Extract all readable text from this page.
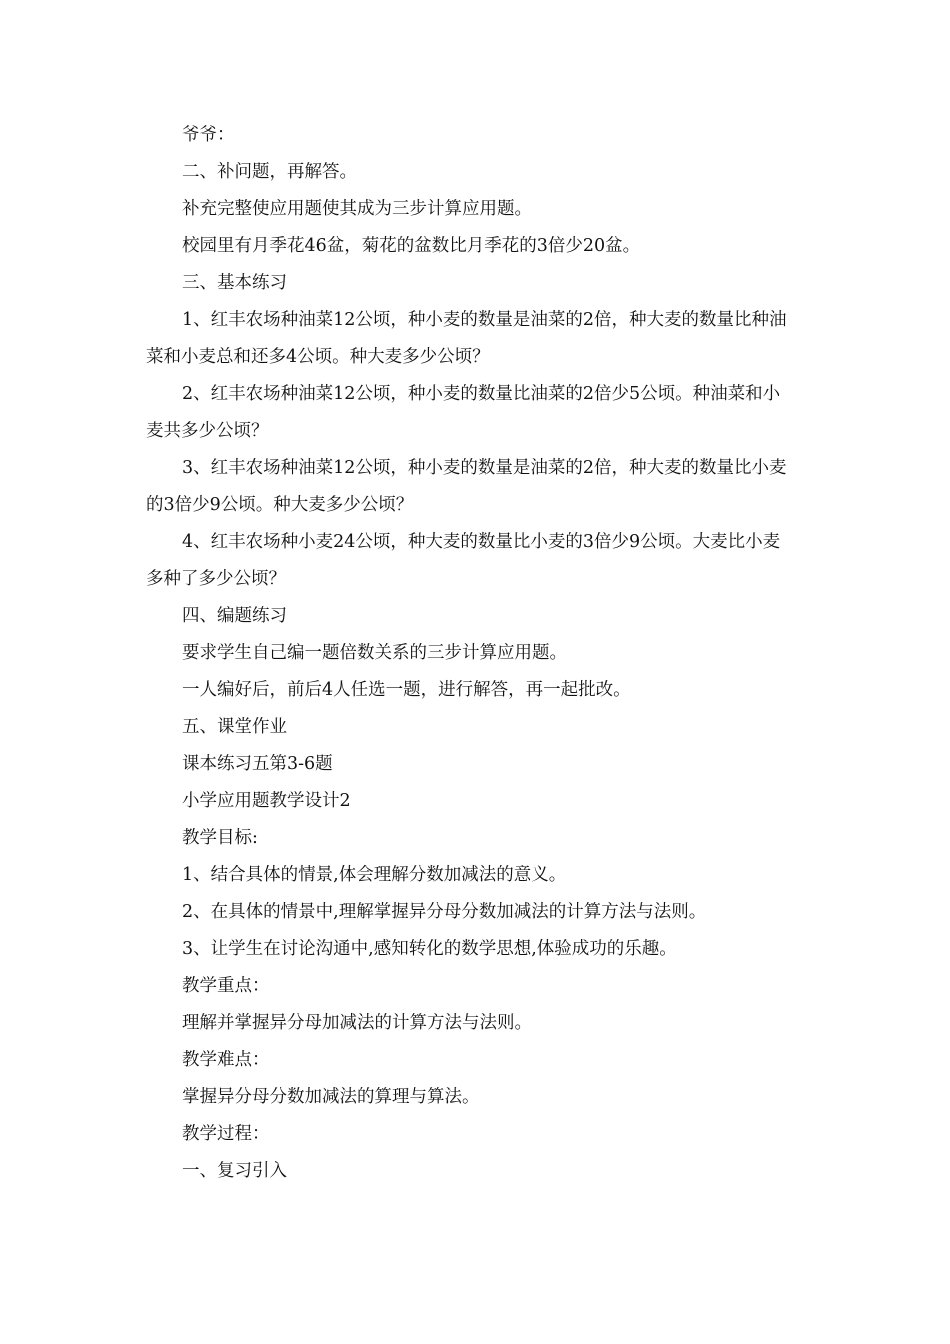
爷爷：

二、补问题，再解答。

补充完整使应用题使其成为三步计算应用题。

校园里有月季花46盆，菊花的盆数比月季花的3倍少20盆。

三、基本练习

1、红丰农场种油菜12公顷，种小麦的数量是油菜的2倍，种大麦的数量比种油菜和小麦总和还多4公顷。种大麦多少公顷？

2、红丰农场种油菜12公顷，种小麦的数量比油菜的2倍少5公顷。种油菜和小麦共多少公顷？

3、红丰农场种油菜12公顷，种小麦的数量是油菜的2倍，种大麦的数量比小麦的3倍少9公顷。种大麦多少公顷？

4、红丰农场种小麦24公顷，种大麦的数量比小麦的3倍少9公顷。大麦比小麦多种了多少公顷？

四、编题练习

要求学生自己编一题倍数关系的三步计算应用题。

一人编好后，前后4人任选一题，进行解答，再一起批改。

五、课堂作业

课本练习五第3-6题

小学应用题教学设计2

教学目标:

1、结合具体的情景,体会理解分数加减法的意义。

2、在具体的情景中,理解掌握异分母分数加减法的计算方法与法则。

3、让学生在讨论沟通中,感知转化的数学思想,体验成功的乐趣。

教学重点：

理解并掌握异分母加减法的计算方法与法则。

教学难点：

掌握异分母分数加减法的算理与算法。

教学过程：

一、复习引入
